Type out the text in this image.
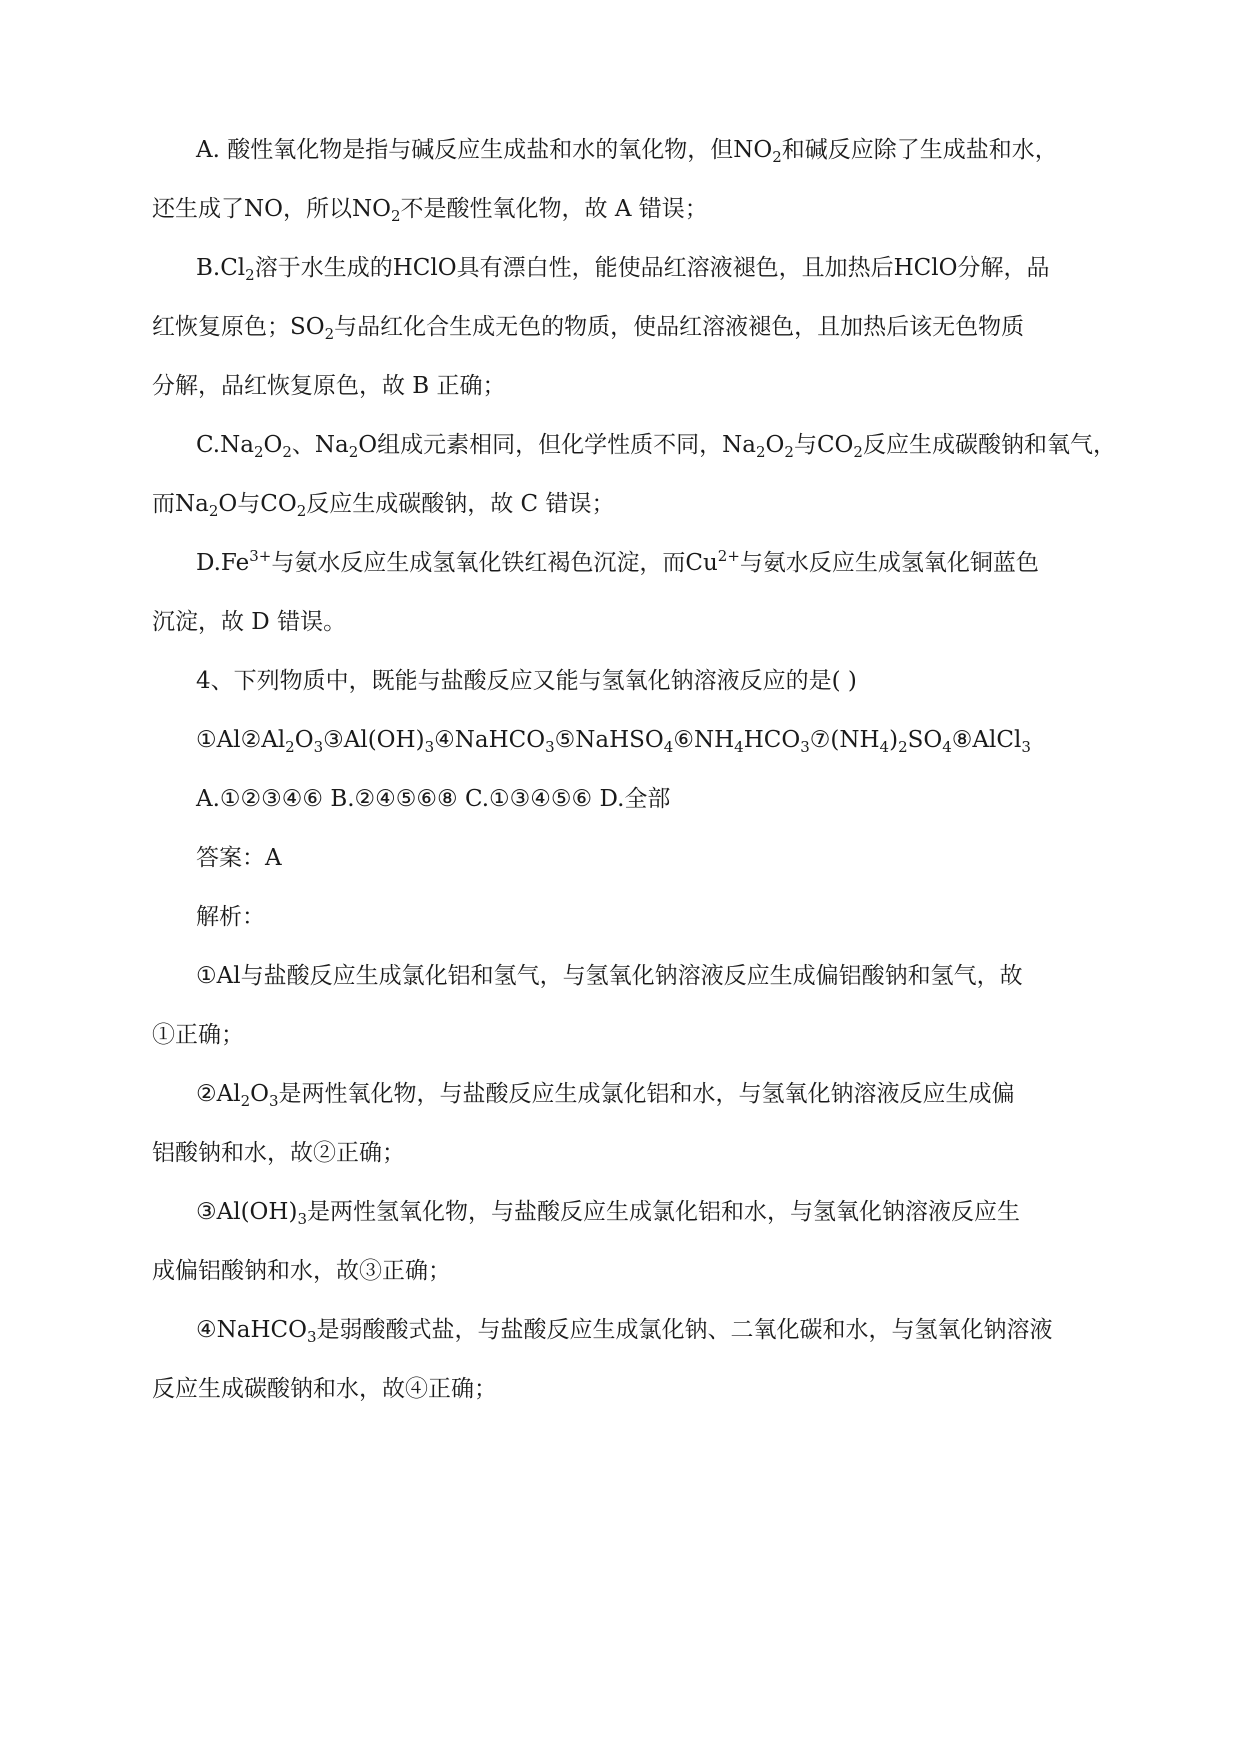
A. 酸性氧化物是指与碱反应生成盐和水的氧化物，但$NO_2$和碱反应除了生成盐和水，
还生成了NO，所以$NO_2$不是酸性氧化物，故 A 错误；
$B.Cl_2$溶于水生成的HClO具有漂白性，能使品红溶液褪色，且加热后HClO分解，品
红恢复原色；$SO_2$与品红化合生成无色的物质，使品红溶液褪色，且加热后该无色物质
分解，品红恢复原色，故 B 正确；
$C.Na_2O_2$、$Na_2O$组成元素相同，但化学性质不同，$Na_2O_2$与$CO_2$反应生成碳酸钠和氧气，
而$Na_2O$与$CO_2$反应生成碳酸钠，故 C 错误；
$D.Fe^{3+}$与氨水反应生成氢氧化铁红褐色沉淀，而$Cu^{2+}$与氨水反应生成氢氧化铜蓝色
沉淀，故 D 错误。
4、下列物质中，既能与盐酸反应又能与氢氧化钠溶液反应的是( )
$①Al②Al_2O_3③Al(OH)_3④NaHCO_3⑤NaHSO_4⑥NH_4HCO_3⑦(NH_4)_2SO_4⑧AlCl_3$
A.①②③④⑥ B.②④⑤⑥⑧ C.①③④⑤⑥ D.全部
答案：A
解析：
①Al与盐酸反应生成氯化铝和氢气，与氢氧化钠溶液反应生成偏铝酸钠和氢气，故
①正确；
$②Al_2O_3$是两性氧化物，与盐酸反应生成氯化铝和水，与氢氧化钠溶液反应生成偏
铝酸钠和水，故②正确；
$③Al(OH)_3$是两性氢氧化物，与盐酸反应生成氯化铝和水，与氢氧化钠溶液反应生
成偏铝酸钠和水，故③正确；
④NaHCO$_3$是弱酸酸式盐，与盐酸反应生成氯化钠、二氧化碳和水，与氢氧化钠溶液
反应生成碳酸钠和水，故④正确；
